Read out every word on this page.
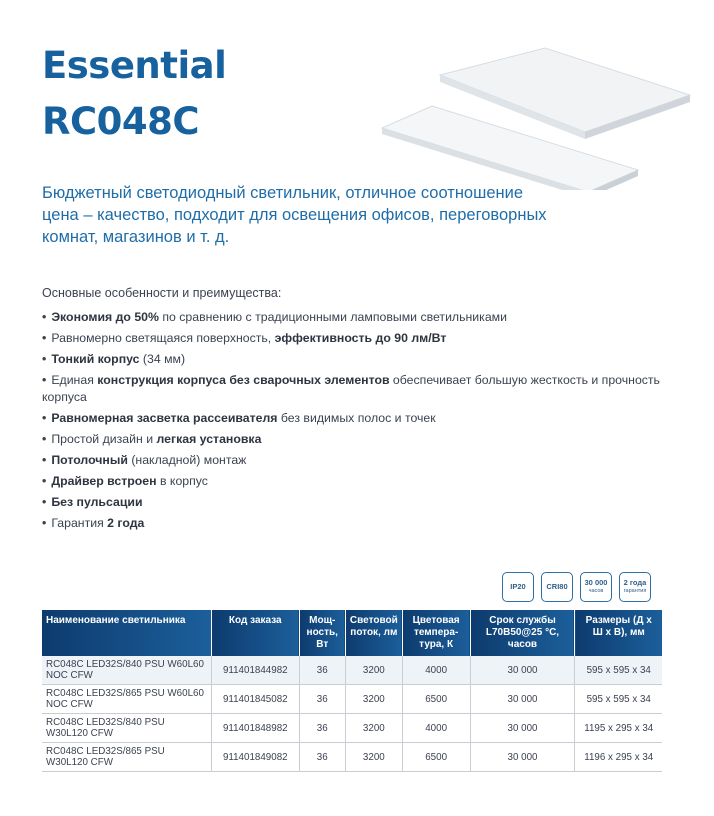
Essential
RC048C
Бюджетный светодиодный светильник, отличное соотношение цена – качество, подходит для освещения офисов, переговорных комнат, магазинов и т. д.
Основные особенности и преимущества:
• Экономия до 50% по сравнению с традиционными ламповыми светильниками
• Равномерно светящаяся поверхность, эффективность до 90 лм/Вт
• Тонкий корпус (34 мм)
• Единая конструкция корпуса без сварочных элементов обеспечивает большую жесткость и прочность корпуса
• Равномерная засветка рассеивателя без видимых полос и точек
• Простой дизайн и легкая установка
• Потолочный (накладной) монтаж
• Драйвер встроен в корпус
• Без пульсации
• Гарантия 2 года
IP20	CRI80 30 000
часов
2 года
гарантия
Наименование светильника	Код заказа	Мощ-ность, Вт	Световой поток, лм	Цветовая темпера-тура, К	Срок службы L70B50@25 °C, часов	Размеры (Д х Ш х В), мм
RC048C LED32S/840 PSU W60L60 NOC CFW	911401844982	36	3200	4000	30 000	595 x 595 x 34
RC048C LED32S/865 PSU W60L60 NOC CFW	911401845082	36	3200	6500	30 000	595 x 595 x 34
RC048C LED32S/840 PSU W30L120 CFW	911401848982	36	3200	4000	30 000	1195 x 295 x 34
RC048C LED32S/865 PSU W30L120 CFW	911401849082	36	3200	6500	30 000	1196 x 295 x 34
